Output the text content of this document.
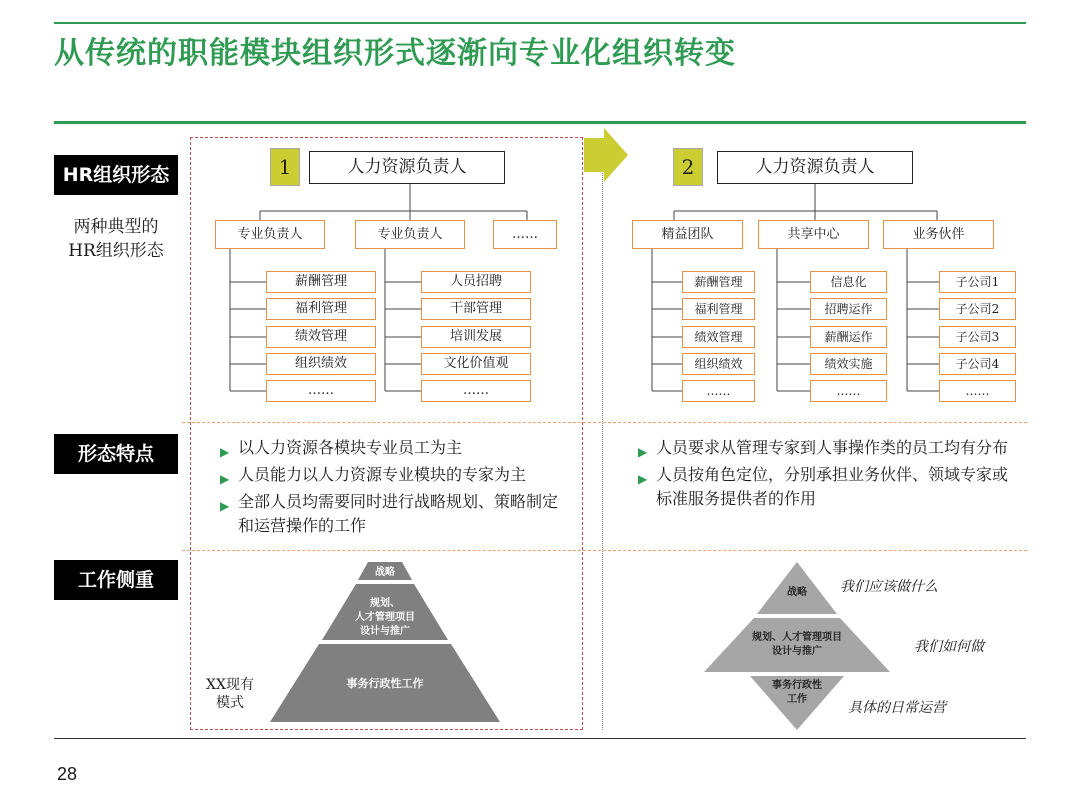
从传统的职能模块组织形式逐渐向专业化组织转变
HR组织形态
两种典型的
HR组织形态
形态特点
工作侧重
1	人力资源负责人
专业负责人	专业负责人	……
薪酬管理
福利管理
绩效管理
组织绩效
……
人员招聘
干部管理
培训发展
文化价值观
……
2	人力资源负责人
精益团队	共享中心	业务伙伴
薪酬管理
福利管理
绩效管理
组织绩效
……
信息化
招聘运作
薪酬运作
绩效实施
……
子公司1
子公司2
子公司3
子公司4
……
▶ 以人力资源各模块专业员工为主
▶ 人员能力以人力资源专业模块的专家为主
▶ 全部人员均需要同时进行战略规划、策略制定和运营操作的工作
▶ 人员要求从管理专家到人事操作类的员工均有分布
▶ 人员按角色定位，分别承担业务伙伴、领域专家或标准服务提供者的作用
战略
规划、
人才管理项目
设计与推广
事务行政性工作
XX现有
模式
战略
规划、人才管理项目
设计与推广
事务行政性
工作
我们应该做什么
我们如何做
具体的日常运营
28
